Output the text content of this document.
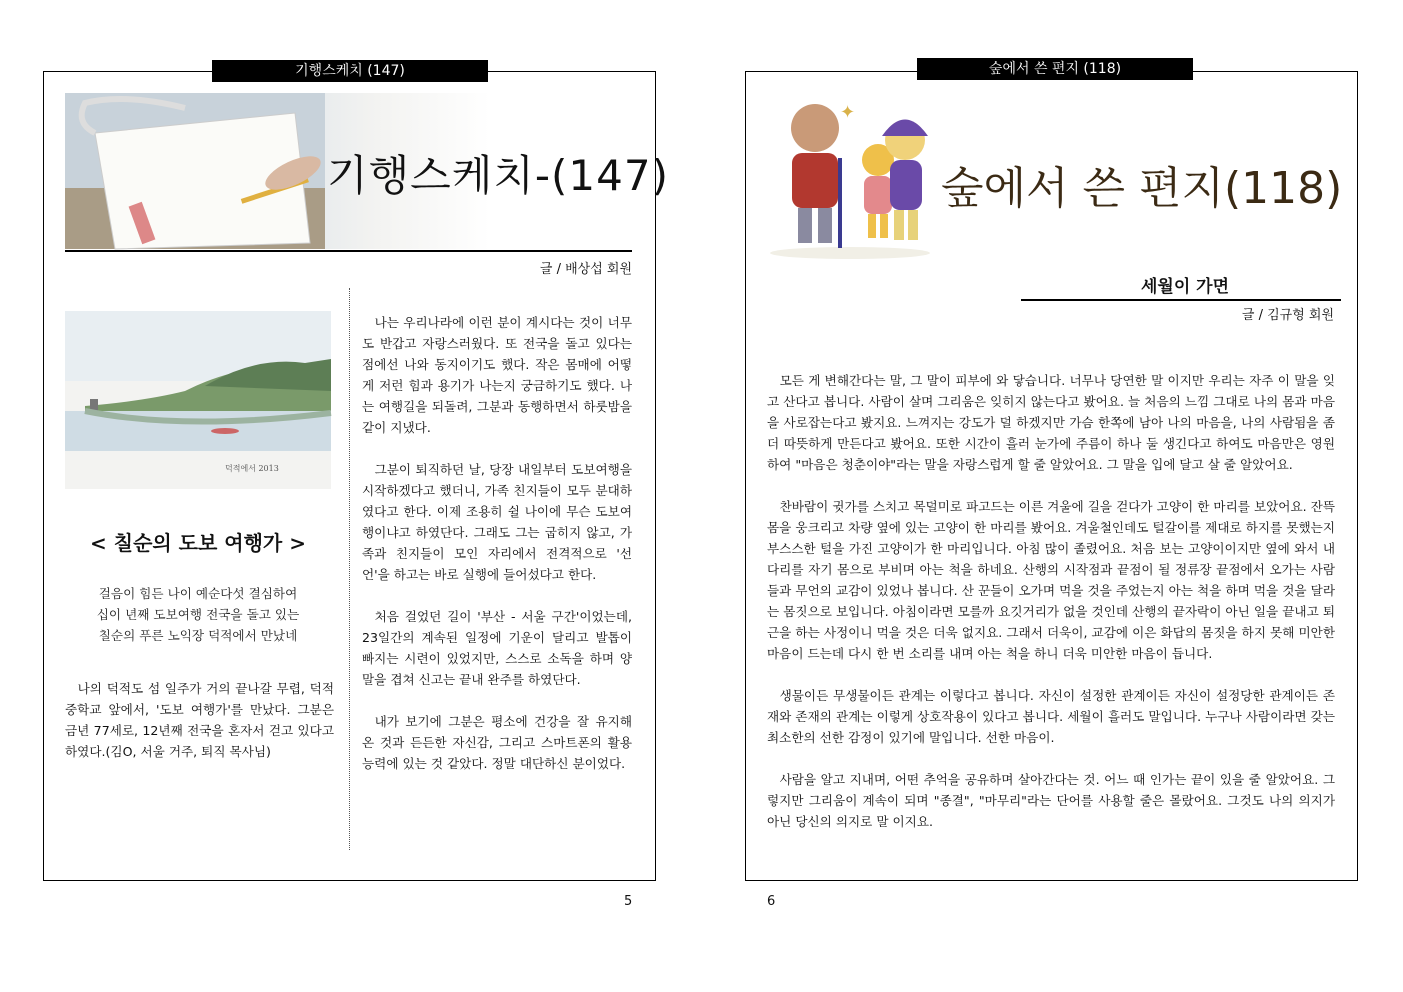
기행스케치 (147)
기행스케치-(147)
글 / 배상섭 회원
덕적에서 2013
< 칠순의 도보 여행가 >
걸음이 힘든 나이 예순다섯 결심하여
십이 년째 도보여행 전국을 돌고 있는
칠순의 푸른 노익장 덕적에서 만났네

나의 덕적도 섬 일주가 거의 끝나갈 무렵, 덕적 중학교 앞에서, '도보 여행가'를 만났다. 그분은 금년 77세로, 12년째 전국을 혼자서 걷고 있다고 하였다.(김O, 서울 거주, 퇴직 목사님)

나는 우리나라에 이런 분이 계시다는 것이 너무도 반갑고 자랑스러웠다. 또 전국을 돌고 있다는 점에선 나와 동지이기도 했다. 작은 몸매에 어떻게 저런 힘과 용기가 나는지 궁금하기도 했다. 나는 여행길을 되돌려, 그분과 동행하면서 하룻밤을 같이 지냈다.

그분이 퇴직하던 날, 당장 내일부터 도보여행을 시작하겠다고 했더니, 가족 친지들이 모두 분대하였다고 한다. 이제 조용히 쉴 나이에 무슨 도보여행이냐고 하였단다. 그래도 그는 굽히지 않고, 가족과 친지들이 모인 자리에서 전격적으로 '선언'을 하고는 바로 실행에 들어섰다고 한다.

처음 걸었던 길이 '부산 - 서울 구간'이었는데, 23일간의 계속된 일정에 기운이 달리고 발톱이 빠지는 시련이 있었지만, 스스로 소독을 하며 양말을 겹쳐 신고는 끝내 완주를 하였단다.

내가 보기에 그분은 평소에 건강을 잘 유지해 온 것과 든든한 자신감, 그리고 스마트폰의 활용 능력에 있는 것 같았다. 정말 대단하신 분이었다.

5
숲에서 쓴 편지 (118)
✦
숲에서 쓴 편지(118)
세월이 가면
글 / 김규형 회원

모든 게 변해간다는 말, 그 말이 피부에 와 닿습니다. 너무나 당연한 말 이지만 우리는 자주 이 말을 잊고 산다고 봅니다. 사람이 살며 그리움은 잊히지 않는다고 봤어요. 늘 처음의 느낌 그대로 나의 몸과 마음을 사로잡는다고 봤지요. 느껴지는 강도가 덜 하겠지만 가슴 한쪽에 남아 나의 마음을, 나의 사람됨을 좀 더 따뜻하게 만든다고 봤어요. 또한 시간이 흘러 눈가에 주름이 하나 둘 생긴다고 하여도 마음만은 영원하여 "마음은 청춘이야"라는 말을 자랑스럽게 할 줄 알았어요. 그 말을 입에 달고 살 줄 알았어요.

찬바람이 귓가를 스치고 목덜미로 파고드는 이른 겨울에 길을 걷다가 고양이 한 마리를 보았어요. 잔뜩 몸을 웅크리고 차량 옆에 있는 고양이 한 마리를 봤어요. 겨울철인데도 털갈이를 제대로 하지를 못했는지 부스스한 털을 가진 고양이가 한 마리입니다. 아침 많이 졸렸어요. 처음 보는 고양이이지만 옆에 와서 내 다리를 자기 몸으로 부비며 아는 척을 하네요. 산행의 시작점과 끝점이 될 정류장 끝점에서 오가는 사람들과 무언의 교감이 있었나 봅니다. 산 꾼들이 오가며 먹을 것을 주었는지 아는 척을 하며 먹을 것을 달라는 몸짓으로 보입니다. 아침이라면 모를까 요깃거리가 없을 것인데 산행의 끝자락이 아닌 일을 끝내고 퇴근을 하는 사정이니 먹을 것은 더욱 없지요. 그래서 더욱이, 교감에 이은 화답의 몸짓을 하지 못해 미안한 마음이 드는데 다시 한 번 소리를 내며 아는 척을 하니 더욱 미안한 마음이 듭니다.

생물이든 무생물이든 관계는 이렇다고 봅니다. 자신이 설정한 관계이든 자신이 설정당한 관계이든 존재와 존재의 관계는 이렇게 상호작용이 있다고 봅니다. 세월이 흘러도 말입니다. 누구나 사람이라면 갖는 최소한의 선한 감정이 있기에 말입니다. 선한 마음이.

사람을 알고 지내며, 어떤 추억을 공유하며 살아간다는 것. 어느 때 인가는 끝이 있을 줄 알았어요. 그렇지만 그리움이 계속이 되며 "종결", "마무리"라는 단어를 사용할 줄은 몰랐어요. 그것도 나의 의지가 아닌 당신의 의지로 말 이지요.

6
